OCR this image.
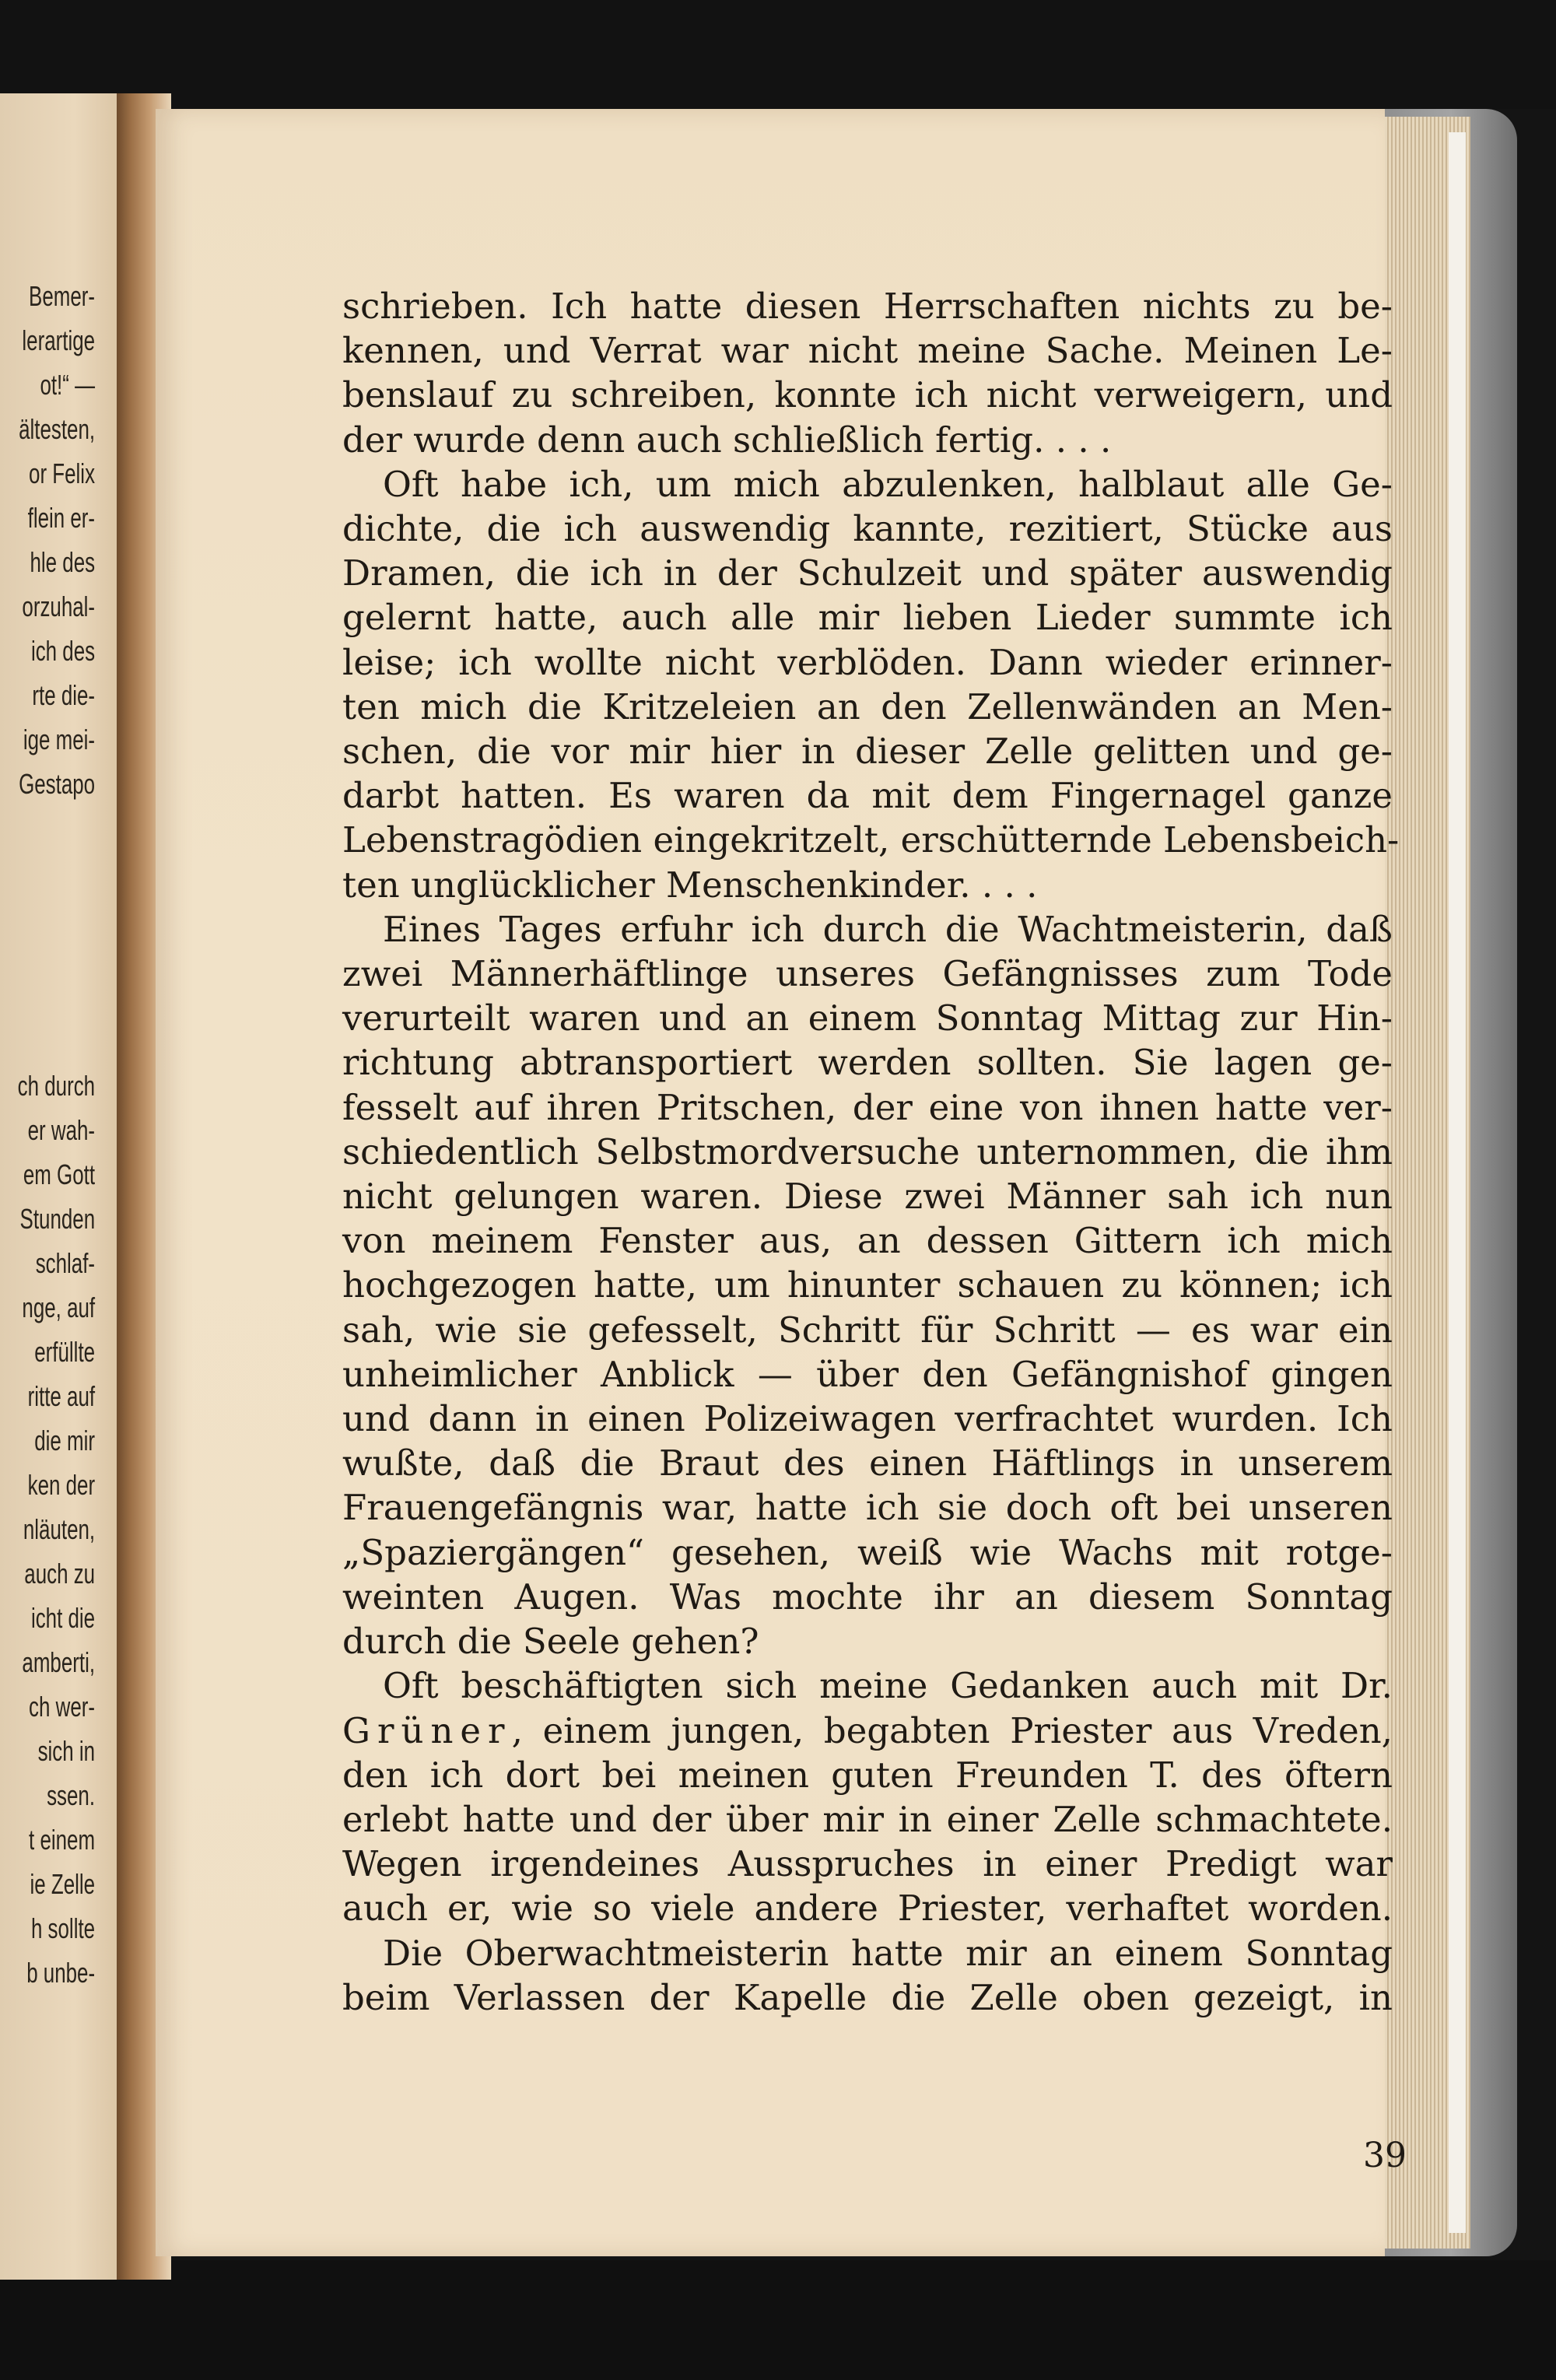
Bemer-
lerartige
ot!“ —
ältesten,
or Felix
flein er-
hle des
orzuhal-
ich des
rte die-
ige mei-
Gestapo
ch durch
er wah-
em Gott
Stunden
schlaf-
nge, auf
erfüllte
ritte auf
die mir
ken der
nläuten,
auch zu
icht die
amberti,
ch wer-
sich in
ssen.
t einem
ie Zelle
h sollte
b unbe-
schrieben. Ich hatte diesen Herrschaften nichts zu be-
kennen, und Verrat war nicht meine Sache. Meinen Le-
benslauf zu schreiben, konnte ich nicht verweigern, und
der wurde denn auch schließlich fertig. . . .
Oft habe ich, um mich abzulenken, halblaut alle Ge-
dichte, die ich auswendig kannte, rezitiert, Stücke aus
Dramen, die ich in der Schulzeit und später auswendig
gelernt hatte, auch alle mir lieben Lieder summte ich
leise; ich wollte nicht verblöden. Dann wieder erinner-
ten mich die Kritzeleien an den Zellenwänden an Men-
schen, die vor mir hier in dieser Zelle gelitten und ge-
darbt hatten. Es waren da mit dem Fingernagel ganze
Lebenstragödien eingekritzelt, erschütternde Lebensbeich-
ten unglücklicher Menschenkinder. . . .
Eines Tages erfuhr ich durch die Wachtmeisterin, daß
zwei Männerhäftlinge unseres Gefängnisses zum Tode
verurteilt waren und an einem Sonntag Mittag zur Hin-
richtung abtransportiert werden sollten. Sie lagen ge-
fesselt auf ihren Pritschen, der eine von ihnen hatte ver-
schiedentlich Selbstmordversuche unternommen, die ihm
nicht gelungen waren. Diese zwei Männer sah ich nun
von meinem Fenster aus, an dessen Gittern ich mich
hochgezogen hatte, um hinunter schauen zu können; ich
sah, wie sie gefesselt, Schritt für Schritt — es war ein
unheimlicher Anblick — über den Gefängnishof gingen
und dann in einen Polizeiwagen verfrachtet wurden. Ich
wußte, daß die Braut des einen Häftlings in unserem
Frauengefängnis war, hatte ich sie doch oft bei unseren
„Spaziergängen“ gesehen, weiß wie Wachs mit rotge-
weinten Augen. Was mochte ihr an diesem Sonntag
durch die Seele gehen?
Oft beschäftigten sich meine Gedanken auch mit Dr.
Grüner, einem jungen, begabten Priester aus Vreden,
den ich dort bei meinen guten Freunden T. des öftern
erlebt hatte und der über mir in einer Zelle schmachtete.
Wegen irgendeines Ausspruches in einer Predigt war
auch er, wie so viele andere Priester, verhaftet worden.
Die Oberwachtmeisterin hatte mir an einem Sonntag
beim Verlassen der Kapelle die Zelle oben gezeigt, in
39
